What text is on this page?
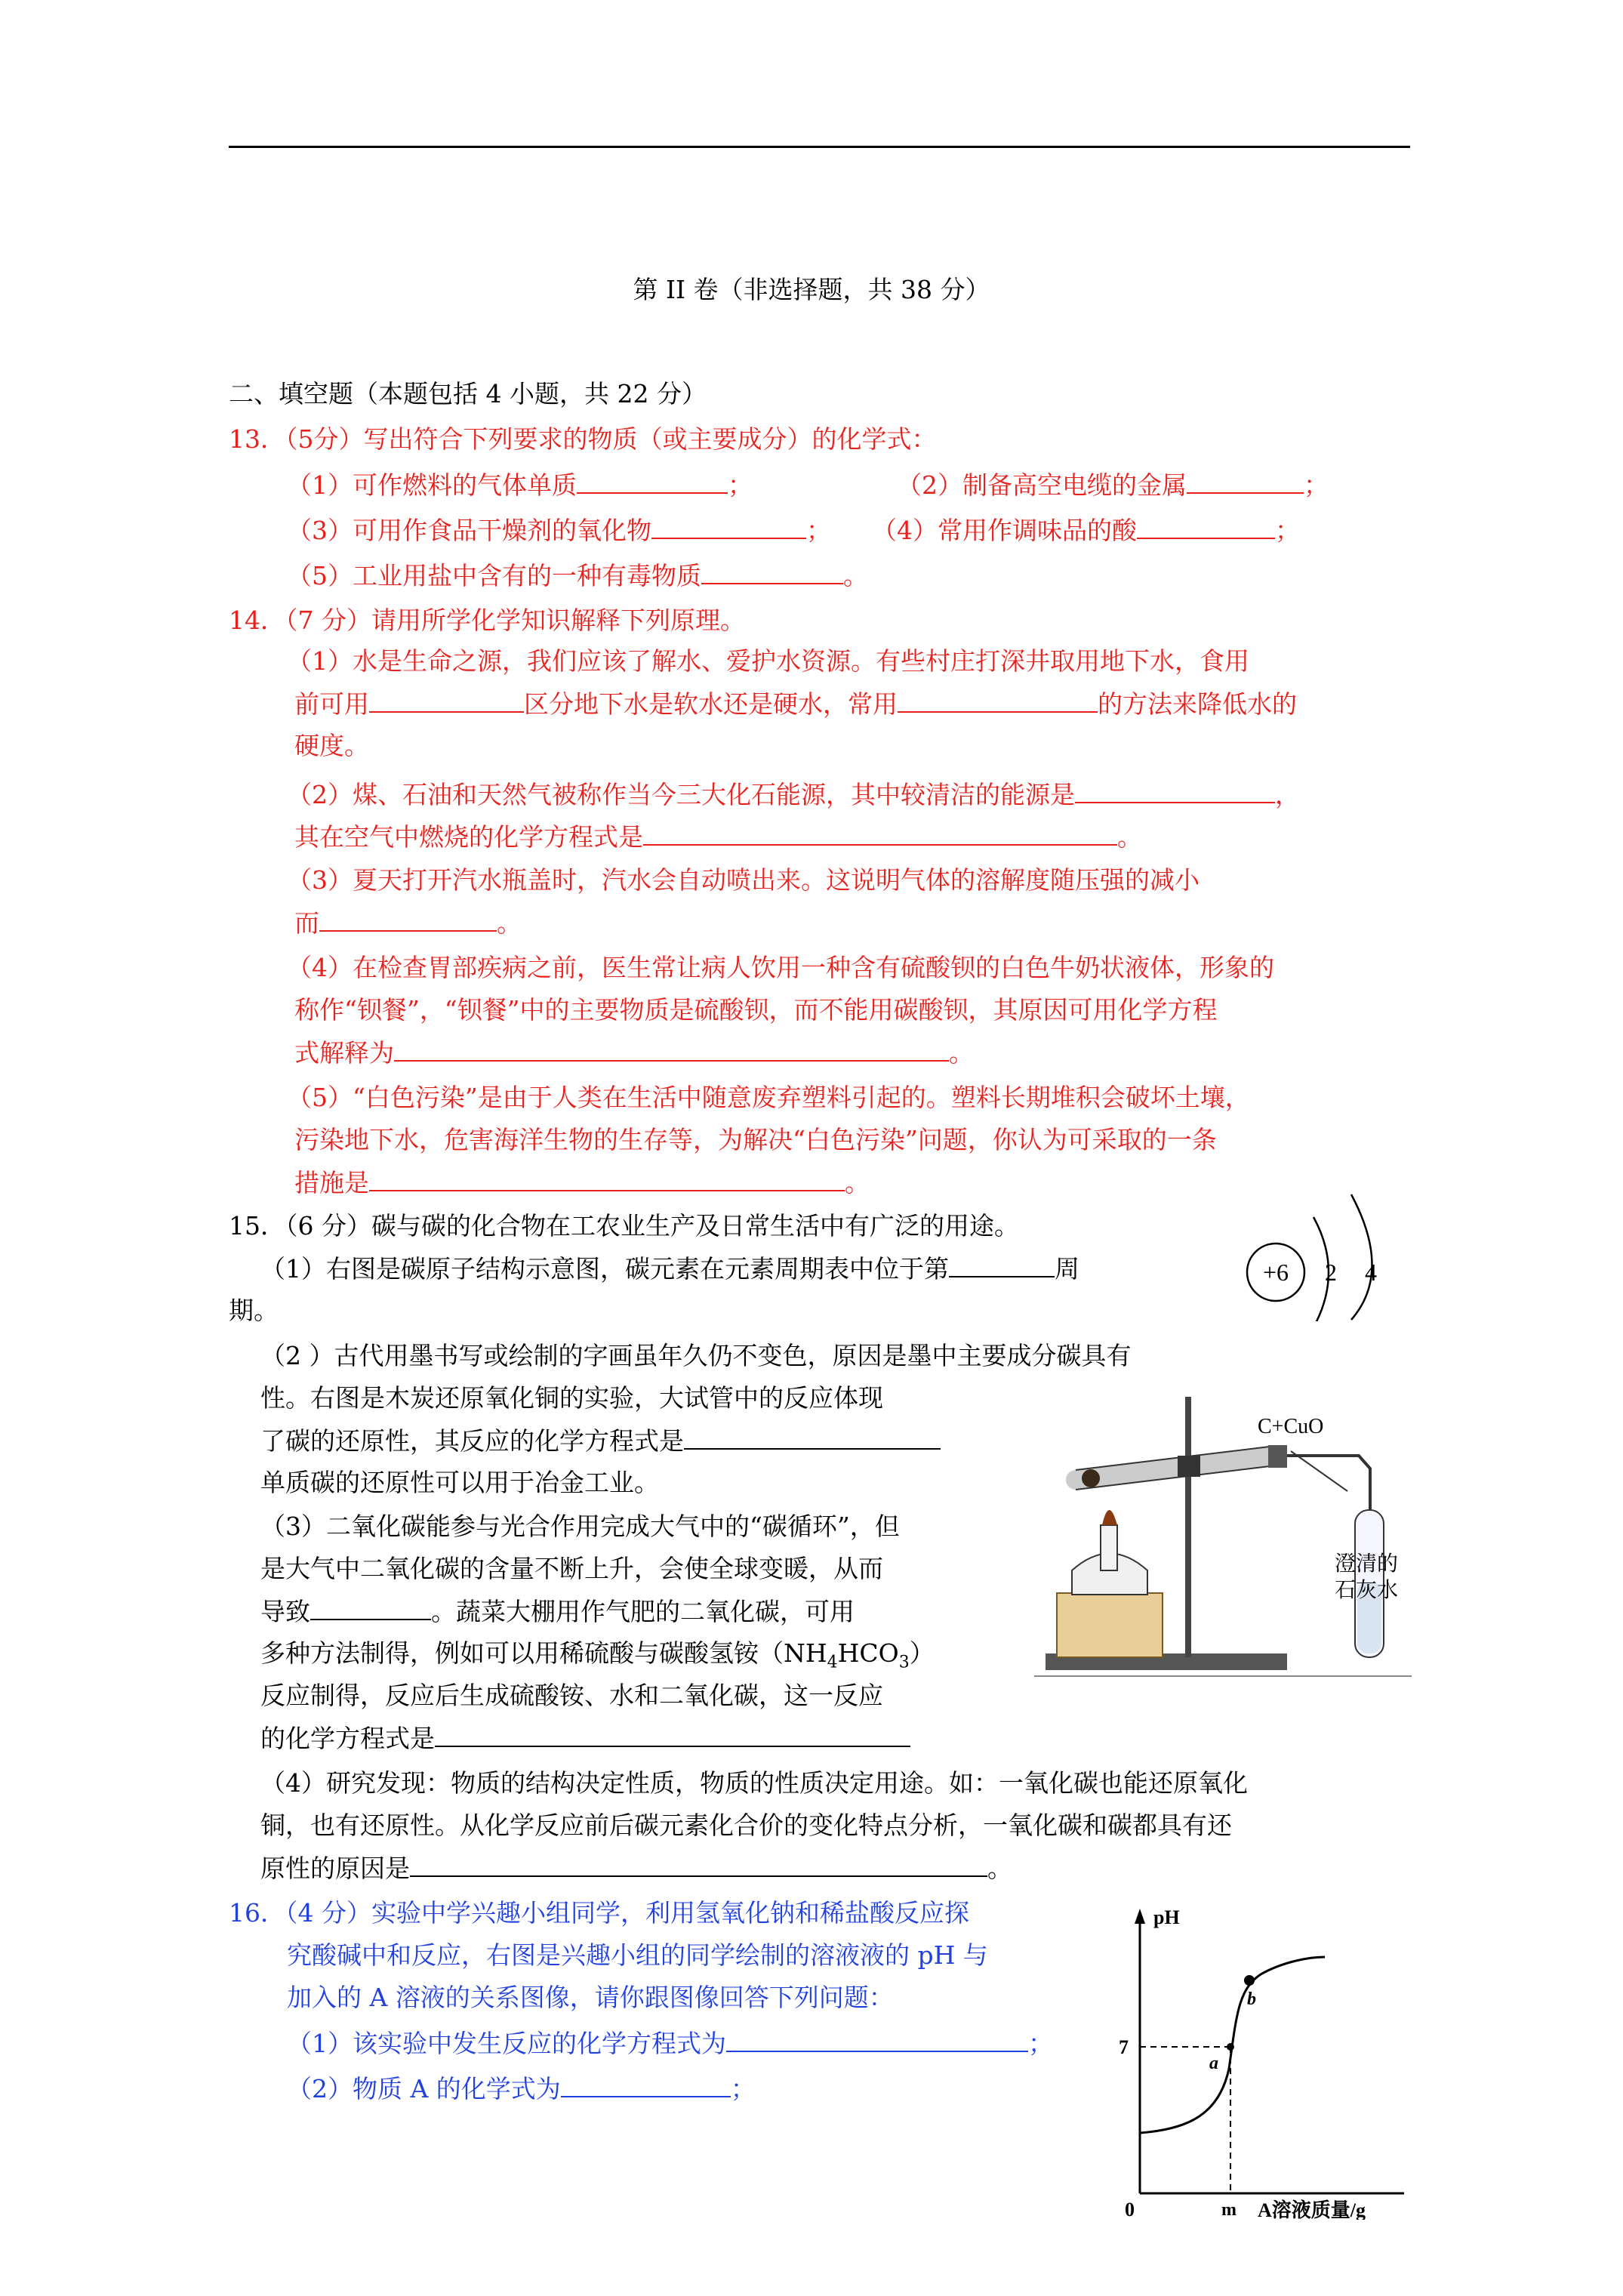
第 II 卷（非选择题，共 38 分）
二、填空题（本题包括 4 小题，共 22 分）
13．（5分）写出符合下列要求的物质（或主要成分）的化学式：
（1）可作燃料的气体单质	；	（2）制备高空电缆的金属	；
（3）可用作食品干燥剂的氧化物	； （4）常用作调味品的酸	；
（5）工业用盐中含有的一种有毒物质	。
14．（7 分）请用所学化学知识解释下列原理。
（1）水是生命之源，我们应该了解水、爱护水资源。有些村庄打深井取用地下水，食用
前可用	区分地下水是软水还是硬水，常用	的方法来降低水的
硬度。
（2）煤、石油和天然气被称作当今三大化石能源，其中较清洁的能源是	，
其在空气中燃烧的化学方程式是	。
（3）夏天打开汽水瓶盖时，汽水会自动喷出来。这说明气体的溶解度随压强的减小
而	。
（4）在检查胃部疾病之前，医生常让病人饮用一种含有硫酸钡的白色牛奶状液体，形象的
称作“钡餐”，“钡餐”中的主要物质是硫酸钡，而不能用碳酸钡，其原因可用化学方程
式解释为	。
（5）“白色污染”是由于人类在生活中随意废弃塑料引起的。塑料长期堆积会破坏土壤，
污染地下水，危害海洋生物的生存等，为解决“白色污染”问题，你认为可采取的一条
措施是	。
15．（6 分）碳与碳的化合物在工农业生产及日常生活中有广泛的用途。
（1）右图是碳原子结构示意图，碳元素在元素周期表中位于第	周
期。
+6 2 4
（2 ）古代用墨书写或绘制的字画虽年久仍不变色，原因是墨中主要成分碳具有
性。右图是木炭还原氧化铜的实验，大试管中的反应体现
了碳的还原性，其反应的化学方程式是
单质碳的还原性可以用于冶金工业。
（3）二氧化碳能参与光合作用完成大气中的“碳循环”，但
是大气中二氧化碳的含量不断上升，会使全球变暖，从而
导致	。蔬菜大棚用作气肥的二氧化碳，可用
多种方法制得，例如可以用稀硫酸与碳酸氢铵$(NH_4HCO_3)$
反应制得，反应后生成硫酸铵、水和二氧化碳，这一反应
的化学方程式是
C+CuO
澄清的
石灰水
（4）研究发现：物质的结构决定性质，物质的性质决定用途。如：一氧化碳也能还原氧化
铜，也有还原性。从化学反应前后碳元素化合价的变化特点分析，一氧化碳和碳都具有还
原性的原因是	。
16．（4 分）实验中学兴趣小组同学，利用氢氧化钠和稀盐酸反应探
究酸碱中和反应，右图是兴趣小组的同学绘制的溶液液的 pH 与
加入的 A 溶液的关系图像，请你跟图像回答下列问题：
（1）该实验中发生反应的化学方程式为	；
（2）物质 A 的化学式为	；
pH
0
7
m A溶液质量/g
a
b
